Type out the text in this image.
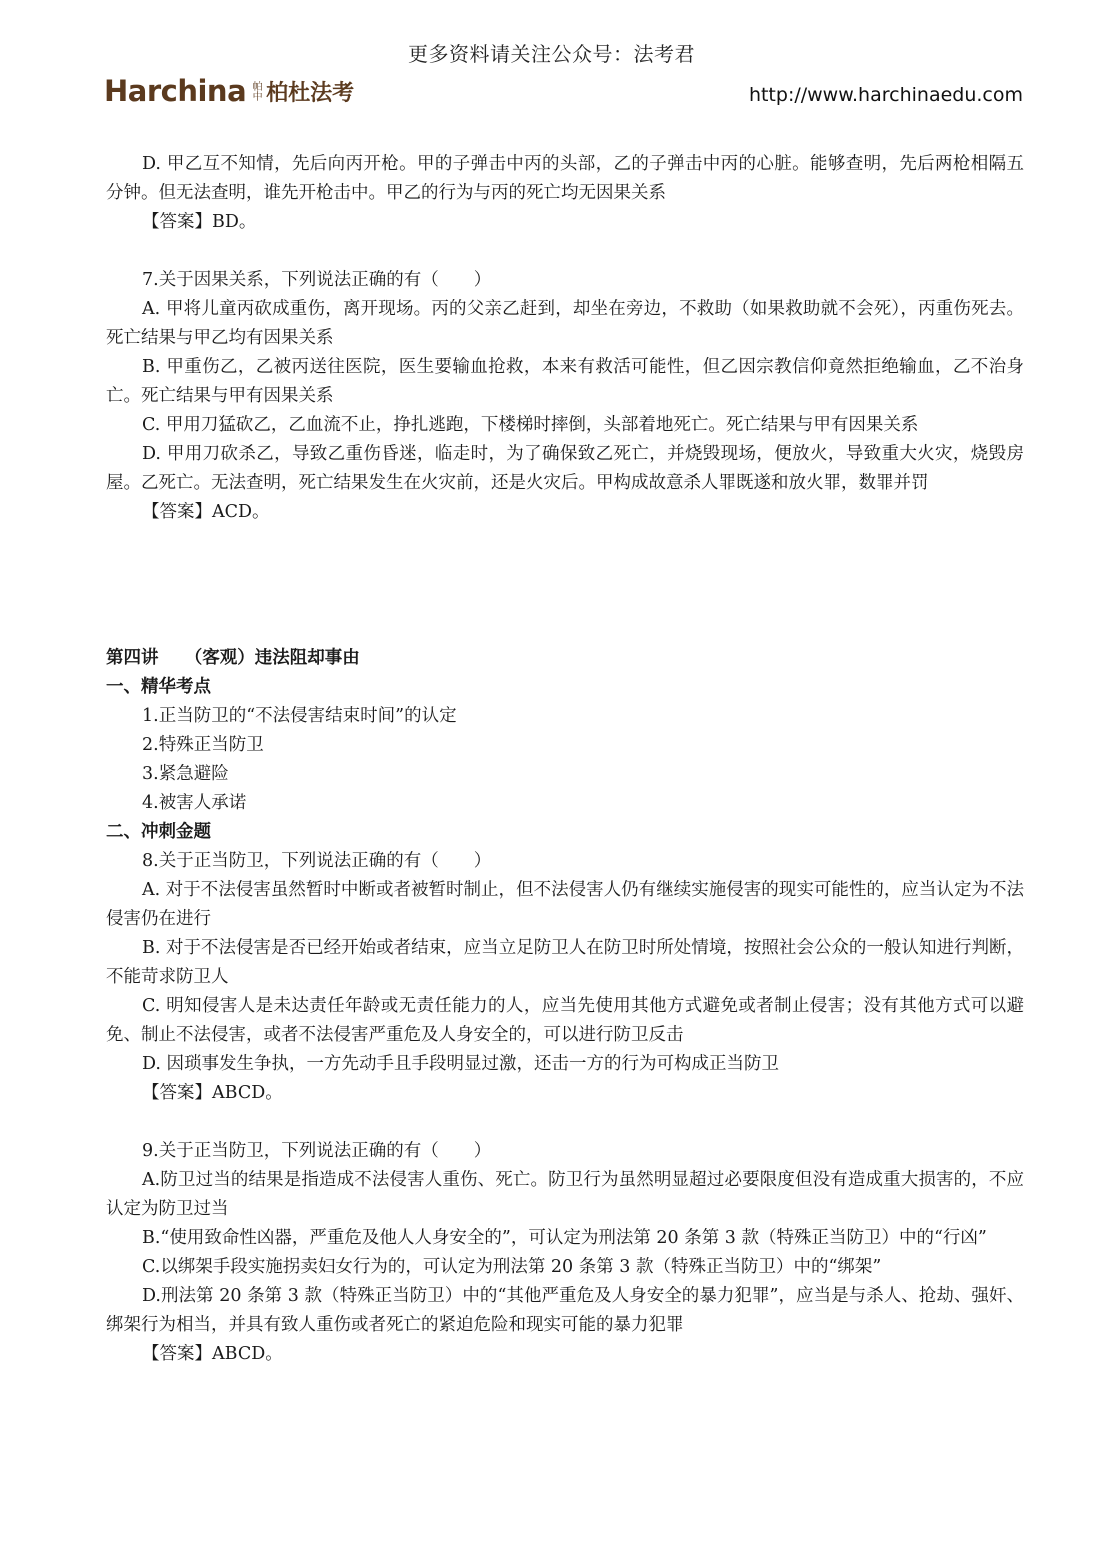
更多资料请关注公众号：法考君
Harchina 帕中 柏杜法考	http://www.harchinaedu.com

D. 甲乙互不知情，先后向丙开枪。甲的子弹击中丙的头部，乙的子弹击中丙的心脏。能够查明，先后两枪相隔五分钟。但无法查明，谁先开枪击中。甲乙的行为与丙的死亡均无因果关系

【答案】BD。

7.关于因果关系，下列说法正确的有（　　）

A. 甲将儿童丙砍成重伤，离开现场。丙的父亲乙赶到，却坐在旁边，不救助（如果救助就不会死），丙重伤死去。死亡结果与甲乙均有因果关系

B. 甲重伤乙，乙被丙送往医院，医生要输血抢救，本来有救活可能性，但乙因宗教信仰竟然拒绝输血，乙不治身亡。死亡结果与甲有因果关系

C. 甲用刀猛砍乙，乙血流不止，挣扎逃跑，下楼梯时摔倒，头部着地死亡。死亡结果与甲有因果关系

D. 甲用刀砍杀乙，导致乙重伤昏迷，临走时，为了确保致乙死亡，并烧毁现场，便放火，导致重大火灾，烧毁房屋。乙死亡。无法查明，死亡结果发生在火灾前，还是火灾后。甲构成故意杀人罪既遂和放火罪，数罪并罚

【答案】ACD。

第四讲　　（客观）违法阻却事由

一、精华考点

1.正当防卫的“不法侵害结束时间”的认定

2.特殊正当防卫

3.紧急避险

4.被害人承诺

二、冲刺金题

8.关于正当防卫，下列说法正确的有（　　）

A. 对于不法侵害虽然暂时中断或者被暂时制止，但不法侵害人仍有继续实施侵害的现实可能性的，应当认定为不法侵害仍在进行

B. 对于不法侵害是否已经开始或者结束，应当立足防卫人在防卫时所处情境，按照社会公众的一般认知进行判断，不能苛求防卫人

C. 明知侵害人是未达责任年龄或无责任能力的人，应当先使用其他方式避免或者制止侵害；没有其他方式可以避免、制止不法侵害，或者不法侵害严重危及人身安全的，可以进行防卫反击

D. 因琐事发生争执，一方先动手且手段明显过激，还击一方的行为可构成正当防卫

【答案】ABCD。

9.关于正当防卫，下列说法正确的有（　　）

A.防卫过当的结果是指造成不法侵害人重伤、死亡。防卫行为虽然明显超过必要限度但没有造成重大损害的，不应认定为防卫过当

B.“使用致命性凶器，严重危及他人人身安全的”，可认定为刑法第 20 条第 3 款（特殊正当防卫）中的“行凶”

C.以绑架手段实施拐卖妇女行为的，可认定为刑法第 20 条第 3 款（特殊正当防卫）中的“绑架”

D.刑法第 20 条第 3 款（特殊正当防卫）中的“其他严重危及人身安全的暴力犯罪”，应当是与杀人、抢劫、强奸、绑架行为相当，并具有致人重伤或者死亡的紧迫危险和现实可能的暴力犯罪

【答案】ABCD。
